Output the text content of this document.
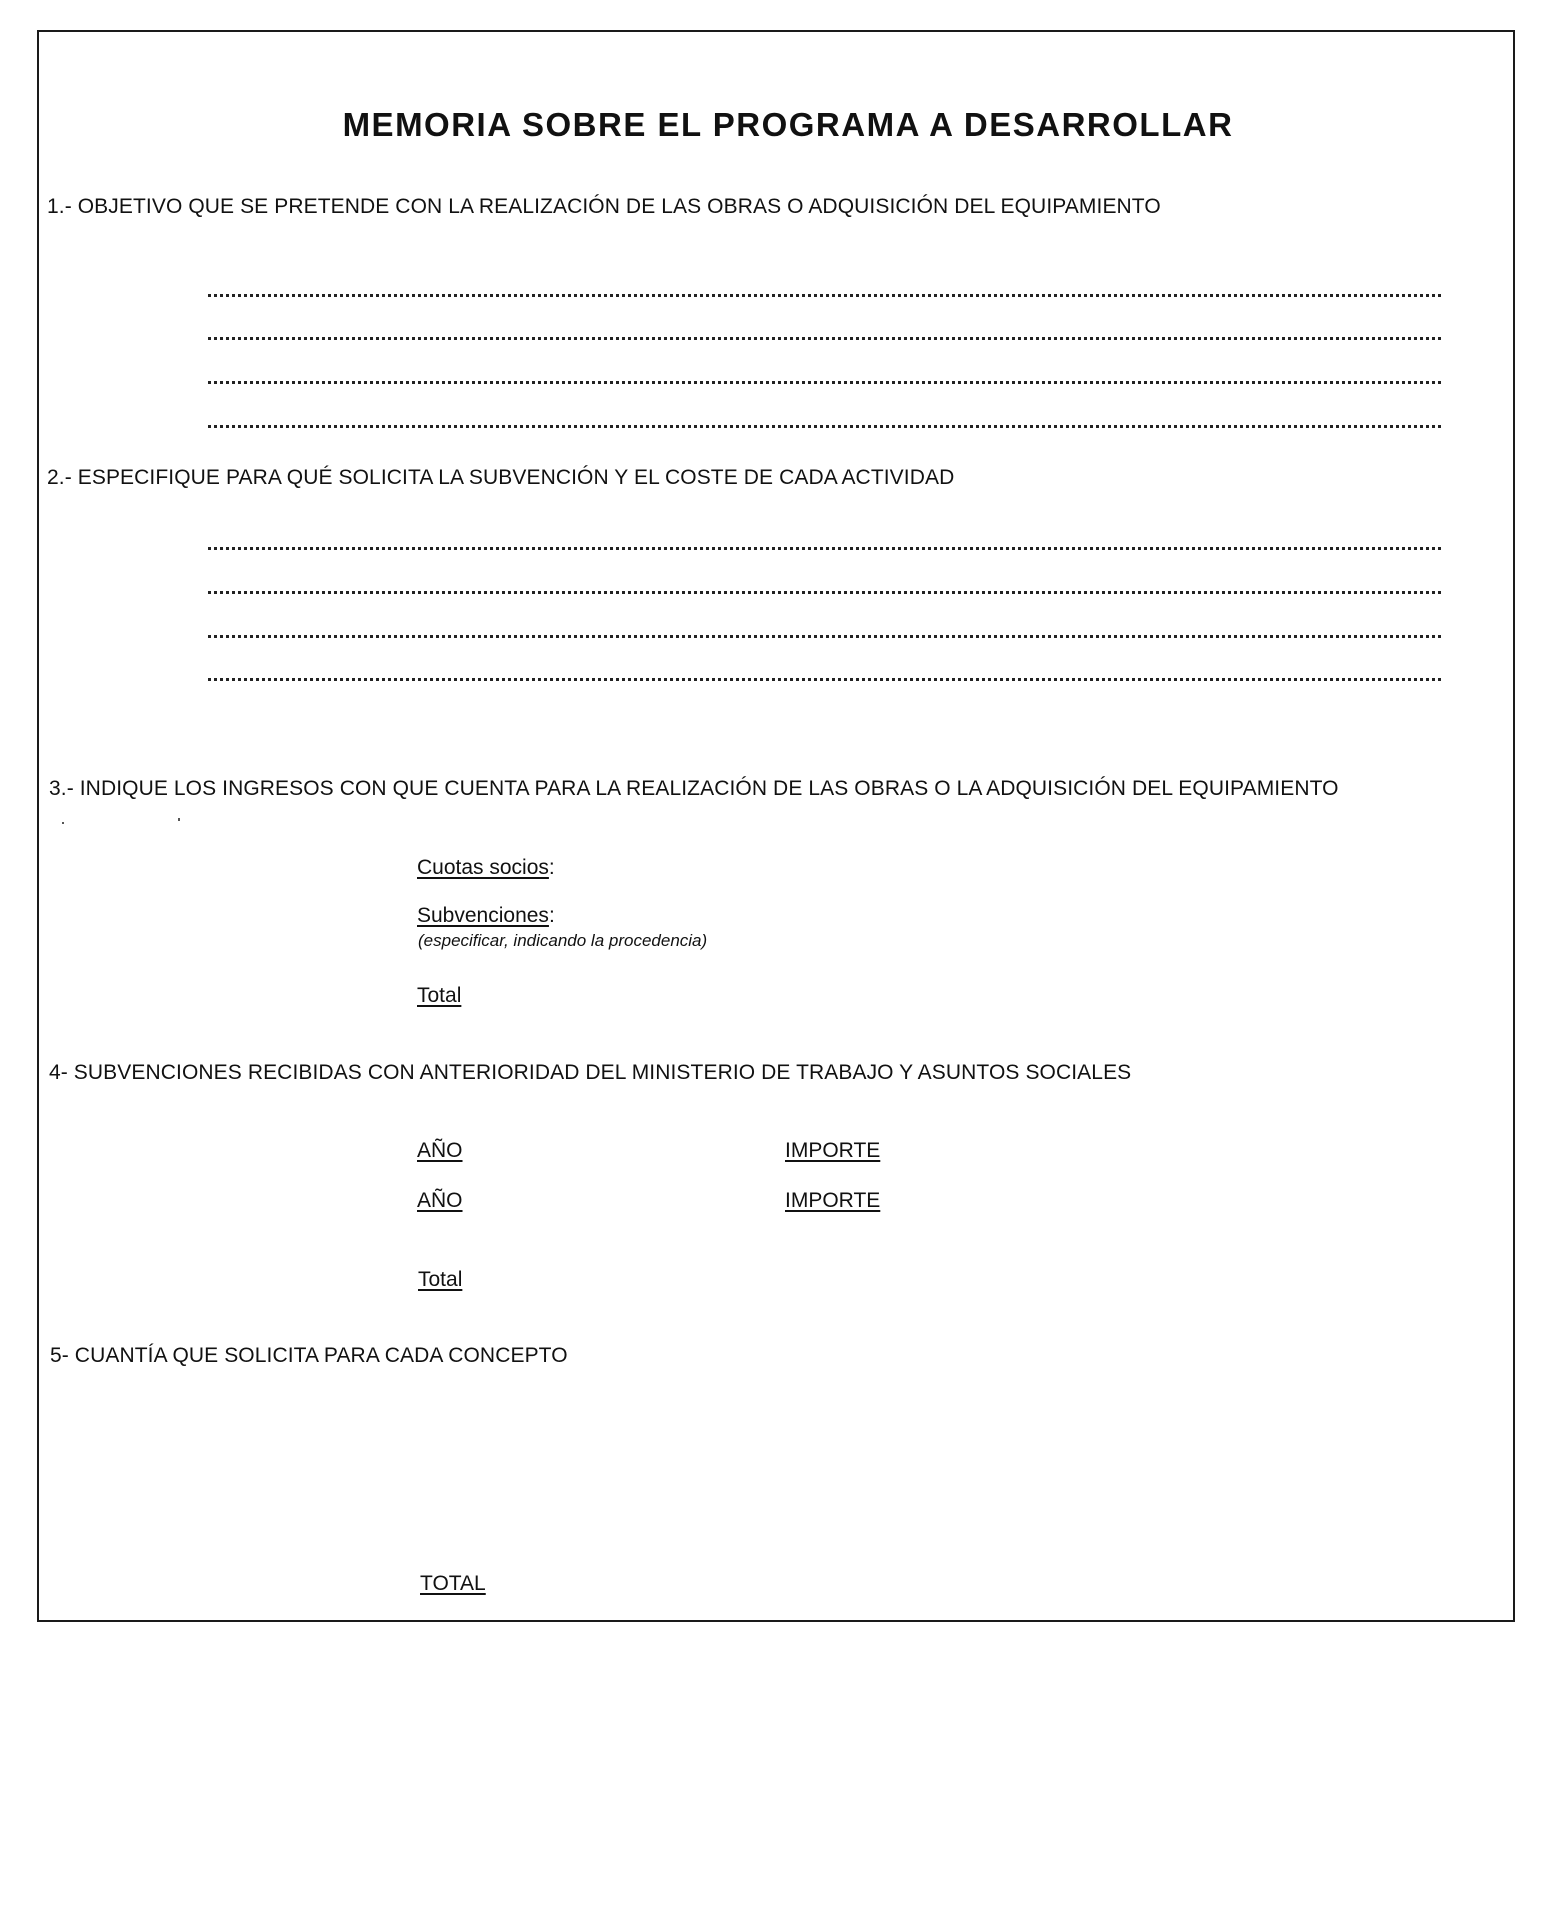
MEMORIA SOBRE EL PROGRAMA A DESARROLLAR
1.- OBJETIVO QUE SE PRETENDE CON LA REALIZACIÓN DE LAS OBRAS O ADQUISICIÓN DEL EQUIPAMIENTO
2.- ESPECIFIQUE PARA QUÉ SOLICITA LA SUBVENCIÓN Y EL COSTE DE CADA ACTIVIDAD
3.- INDIQUE LOS INGRESOS CON QUE CUENTA PARA LA REALIZACIÓN DE LAS OBRAS O LA ADQUISICIÓN DEL EQUIPAMIENTO
Cuotas socios:
Subvenciones:
(especificar, indicando la procedencia)
Total
4- SUBVENCIONES RECIBIDAS CON ANTERIORIDAD DEL MINISTERIO DE TRABAJO Y ASUNTOS SOCIALES
AÑO	IMPORTE
AÑO	IMPORTE
Total
5- CUANTÍA QUE SOLICITA PARA CADA CONCEPTO
TOTAL
